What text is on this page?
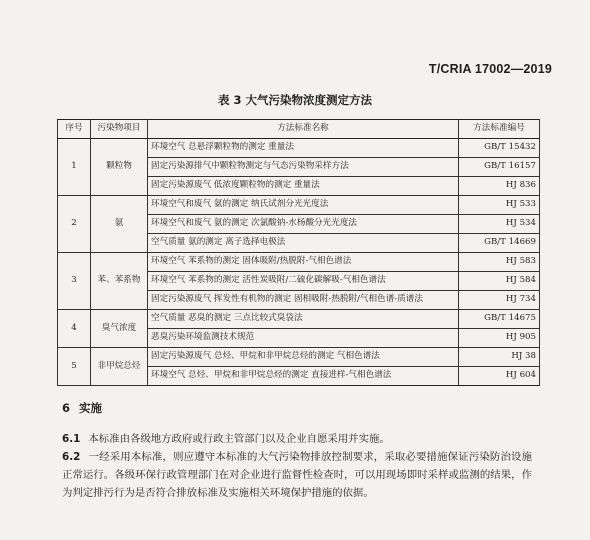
T/CRIA 17002—2019
表 3 大气污染物浓度测定方法
序号	污染物项目	方法标准名称	方法标准编号
1	颗粒物	环境空气 总悬浮颗粒物的测定 重量法	GB/T 15432
		固定污染源排气中颗粒物测定与气态污染物采样方法	GB/T 16157
		固定污染源废气 低浓度颗粒物的测定 重量法	HJ 836
2	氨	环境空气和废气 氨的测定 纳氏试剂分光光度法	HJ 533
		环境空气和废气 氨的测定 次氯酸钠-水杨酸分光光度法	HJ 534
		空气质量 氨的测定 离子选择电极法	GB/T 14669
3	苯、苯系物	环境空气 苯系物的测定 固体吸附/热脱附-气相色谱法	HJ 583
		环境空气 苯系物的测定 活性炭吸附/二硫化碳解吸-气相色谱法	HJ 584
		固定污染源废气 挥发性有机物的测定 固相吸附-热脱附/气相色谱-质谱法	HJ 734
4	臭气浓度	空气质量 恶臭的测定 三点比较式臭袋法	GB/T 14675
		恶臭污染环境监测技术规范	HJ 905
5	非甲烷总烃	固定污染源废气 总烃、甲烷和非甲烷总烃的测定 气相色谱法	HJ 38
		环境空气 总烃、甲烷和非甲烷总烃的测定 直接进样-气相色谱法	HJ 604
6 实施
6.1 本标准由各级地方政府或行政主管部门以及企业自愿采用并实施。
6.2 一经采用本标准，则应遵守本标准的大气污染物排放控制要求，采取必要措施保证污染防治设施正常运行。各级环保行政管理部门在对企业进行监督性检查时，可以用现场即时采样或监测的结果，作为判定排污行为是否符合排放标准及实施相关环境保护措施的依据。
